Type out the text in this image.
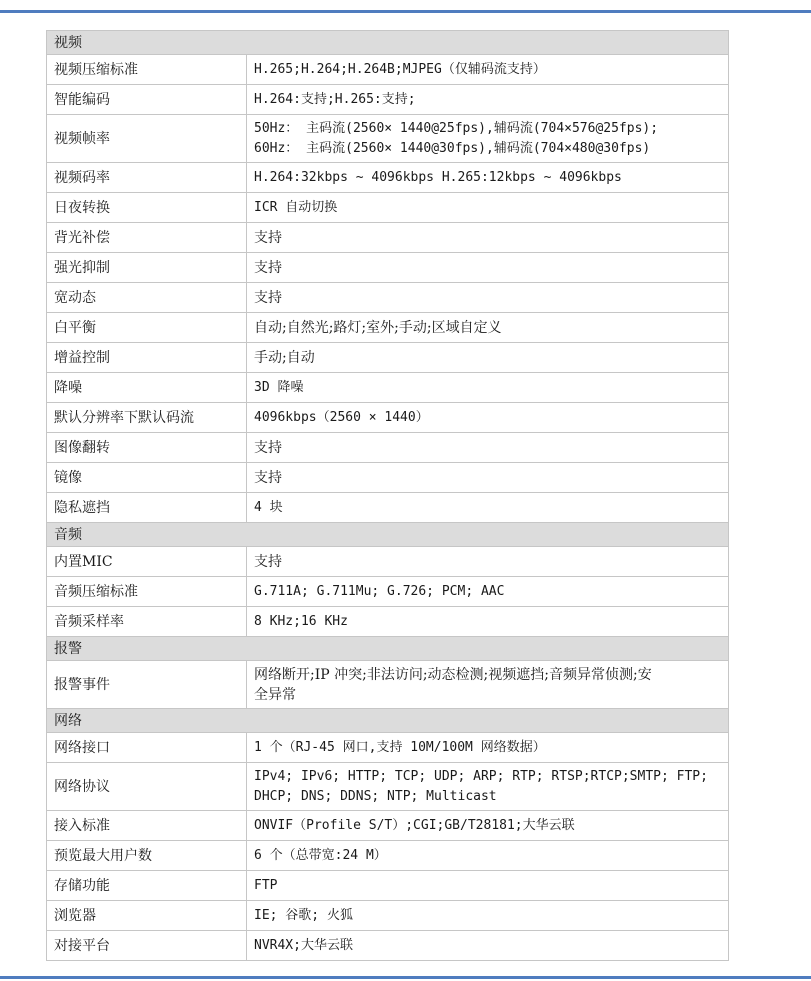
视频	
视频压缩标准	H.265;H.264;H.264B;MJPEG（仅辅码流支持）

智能编码	H.264:支持;H.265:支持;

视频帧率	50Hz： 主码流(2560× 1440@25fps),辅码流(704×576@25fps);
60Hz： 主码流(2560× 1440@30fps),辅码流(704×480@30fps)

视频码率	H.264:32kbps ~ 4096kbps H.265:12kbps ~ 4096kbps

日夜转换	ICR 自动切换

背光补偿	支持

强光抑制	支持

宽动态	支持

白平衡	自动;自然光;路灯;室外;手动;区域自定义

增益控制	手动;自动

降噪	3D 降噪

默认分辨率下默认码流	4096kbps（2560 × 1440）

图像翻转	支持

镜像	支持

隐私遮挡	4 块

音频	
内置MIC	支持

音频压缩标准	G.711A; G.711Mu; G.726; PCM; AAC

音频采样率	8 KHz;16 KHz

报警	
报警事件	网络断开;IP 冲突;非法访问;动态检测;视频遮挡;音频异常侦测;安
全异常

网络	
网络接口	1 个（RJ-45 网口,支持 10M/100M 网络数据）

网络协议	IPv4; IPv6; HTTP; TCP; UDP; ARP; RTP; RTSP;RTCP;SMTP; FTP;
DHCP; DNS; DDNS; NTP; Multicast

接入标准	ONVIF（Profile S/T）;CGI;GB/T28181;大华云联

预览最大用户数	6 个（总带宽:24 M）

存储功能	FTP

浏览器	IE; 谷歌; 火狐

对接平台	NVR4X;大华云联
